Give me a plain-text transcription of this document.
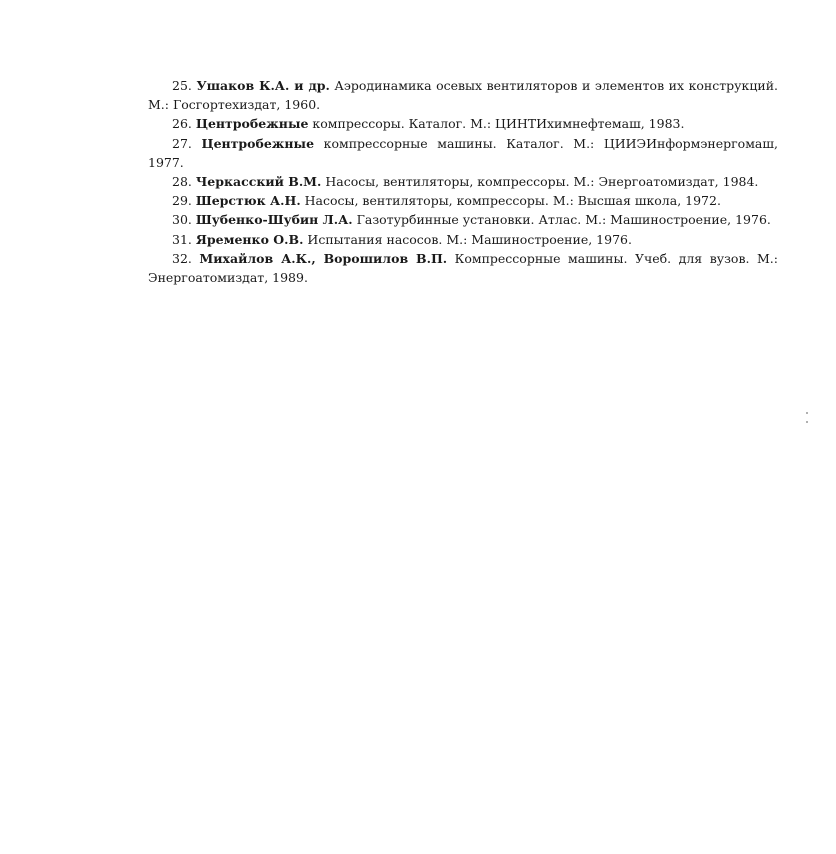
25. Ушаков К.А. и др. Аэродинамика осевых вентиляторов и элементов их конструкций. М.: Госгортехиздат, 1960.

26. Центробежные компрессоры. Каталог. М.: ЦИНТИхимнефтемаш, 1983.

27. Центробежные компрессорные машины. Каталог. М.: ЦИИЭИнформэнергомаш, 1977.

28. Черкасский В.М. Насосы, вентиляторы, компрессоры. М.: Энергоатомиздат, 1984.

29. Шерстюк А.Н. Насосы, вентиляторы, компрессоры. М.: Высшая школа, 1972.

30. Шубенко-Шубин Л.А. Газотурбинные установки. Атлас. М.: Машиностроение, 1976.

31. Яременко О.В. Испытания насосов. М.: Машиностроение, 1976.

32. Михайлов А.К., Ворошилов В.П. Компрессорные машины. Учеб. для вузов. М.: Энергоатомиздат, 1989.
